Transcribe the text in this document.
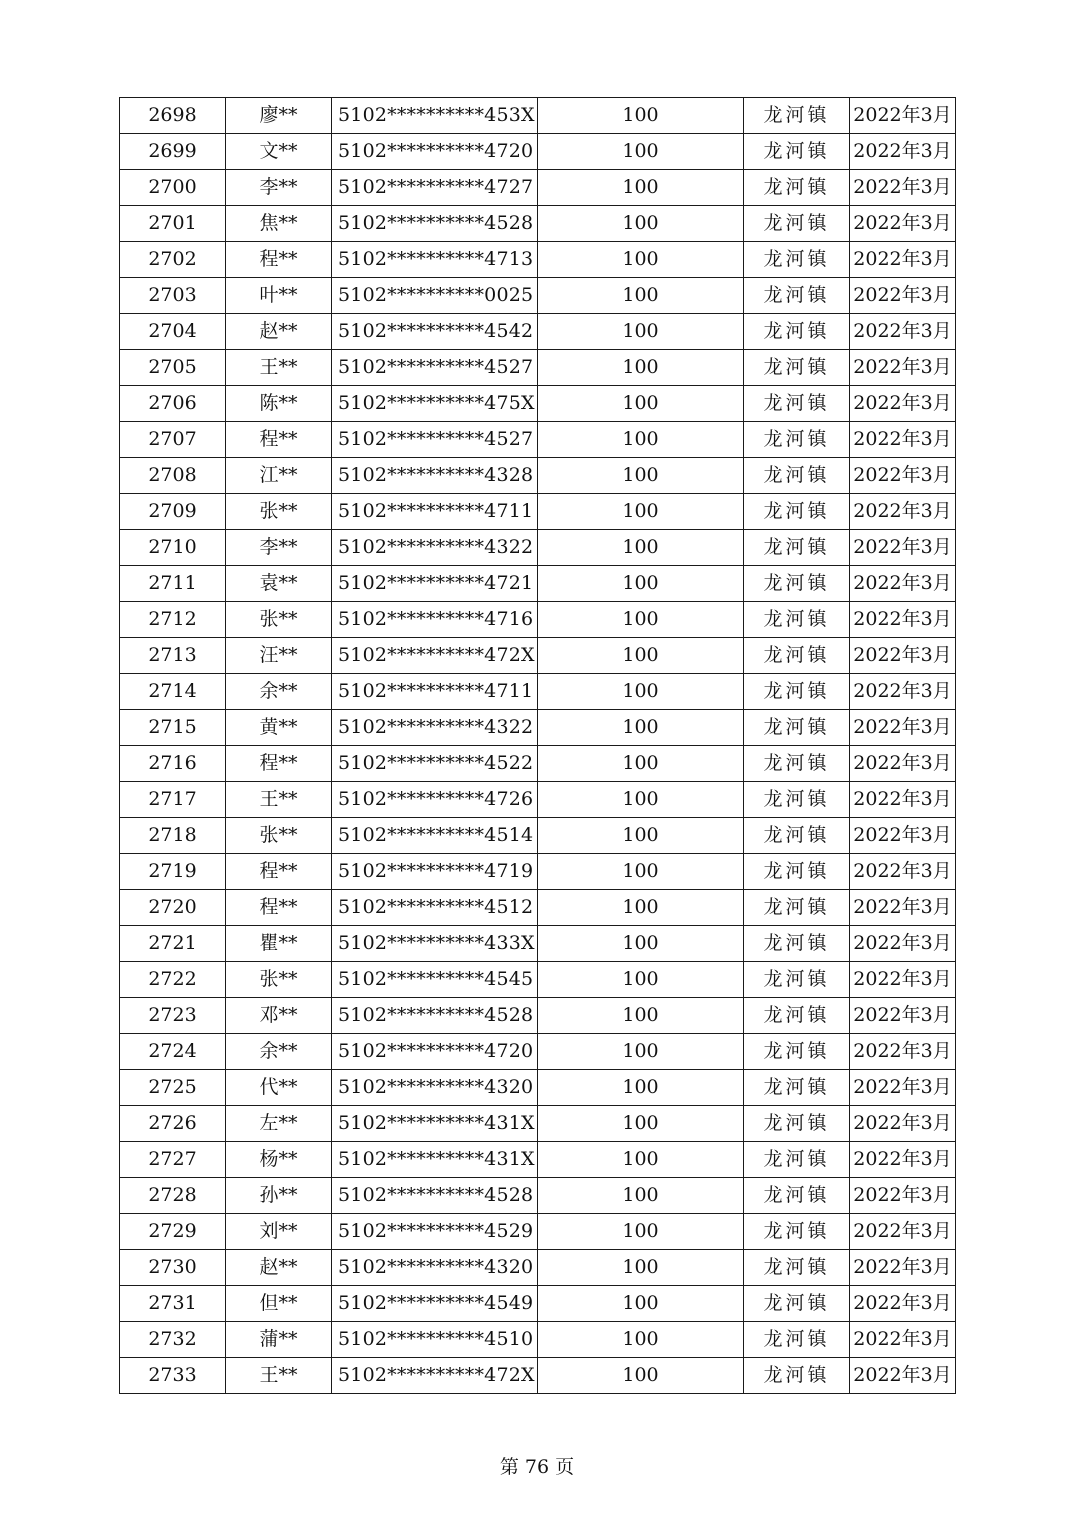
2698	廖**	5102**********453X	100	龙河镇	2022年3月
2699	文**	5102**********4720	100	龙河镇	2022年3月
2700	李**	5102**********4727	100	龙河镇	2022年3月
2701	焦**	5102**********4528	100	龙河镇	2022年3月
2702	程**	5102**********4713	100	龙河镇	2022年3月
2703	叶**	5102**********0025	100	龙河镇	2022年3月
2704	赵**	5102**********4542	100	龙河镇	2022年3月
2705	王**	5102**********4527	100	龙河镇	2022年3月
2706	陈**	5102**********475X	100	龙河镇	2022年3月
2707	程**	5102**********4527	100	龙河镇	2022年3月
2708	江**	5102**********4328	100	龙河镇	2022年3月
2709	张**	5102**********4711	100	龙河镇	2022年3月
2710	李**	5102**********4322	100	龙河镇	2022年3月
2711	袁**	5102**********4721	100	龙河镇	2022年3月
2712	张**	5102**********4716	100	龙河镇	2022年3月
2713	汪**	5102**********472X	100	龙河镇	2022年3月
2714	余**	5102**********4711	100	龙河镇	2022年3月
2715	黄**	5102**********4322	100	龙河镇	2022年3月
2716	程**	5102**********4522	100	龙河镇	2022年3月
2717	王**	5102**********4726	100	龙河镇	2022年3月
2718	张**	5102**********4514	100	龙河镇	2022年3月
2719	程**	5102**********4719	100	龙河镇	2022年3月
2720	程**	5102**********4512	100	龙河镇	2022年3月
2721	瞿**	5102**********433X	100	龙河镇	2022年3月
2722	张**	5102**********4545	100	龙河镇	2022年3月
2723	邓**	5102**********4528	100	龙河镇	2022年3月
2724	余**	5102**********4720	100	龙河镇	2022年3月
2725	代**	5102**********4320	100	龙河镇	2022年3月
2726	左**	5102**********431X	100	龙河镇	2022年3月
2727	杨**	5102**********431X	100	龙河镇	2022年3月
2728	孙**	5102**********4528	100	龙河镇	2022年3月
2729	刘**	5102**********4529	100	龙河镇	2022年3月
2730	赵**	5102**********4320	100	龙河镇	2022年3月
2731	但**	5102**********4549	100	龙河镇	2022年3月
2732	蒲**	5102**********4510	100	龙河镇	2022年3月
2733	王**	5102**********472X	100	龙河镇	2022年3月
第 76 页
